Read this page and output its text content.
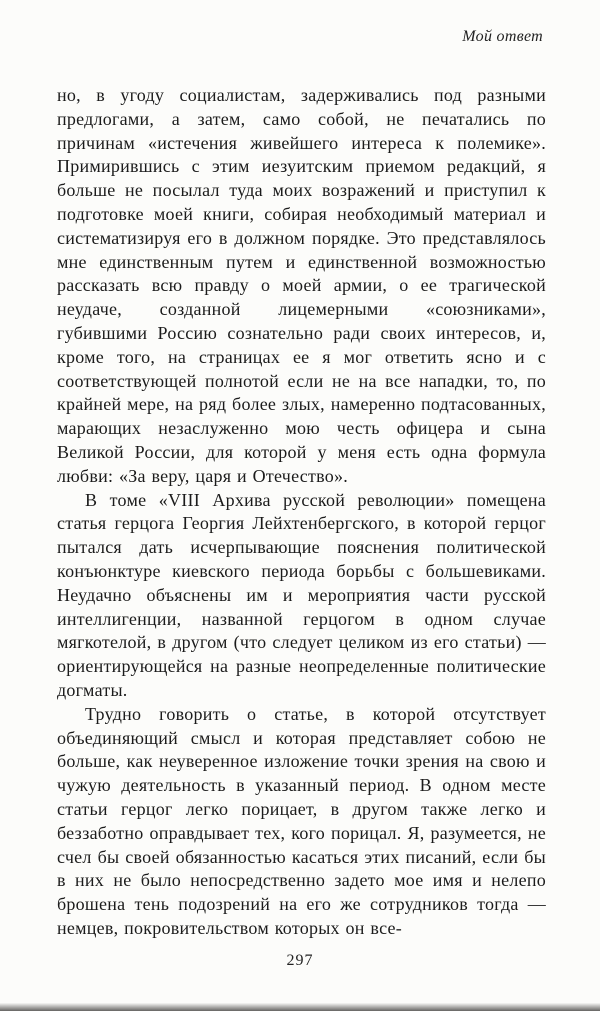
Мой ответ

но, в угоду социалистам, задерживались под разными предлогами, а затем, само собой, не печатались по причинам «истечения живейшего интереса к полемике». Примирившись с этим иезуитским приемом редакций, я больше не посылал туда моих возражений и приступил к подготовке моей книги, собирая необходимый материал и систематизируя его в должном порядке. Это представлялось мне единственным путем и единственной возможностью рассказать всю правду о моей армии, о ее трагической неудаче, созданной лицемерными «союзниками», губившими Россию сознательно ради своих интересов, и, кроме того, на страницах ее я мог ответить ясно и с соответствующей полнотой если не на все нападки, то, по крайней мере, на ряд более злых, намеренно подтасованных, марающих незаслуженно мою честь офицера и сына Великой России, для которой у меня есть одна формула любви: «За веру, царя и Отечество».

В томе «VIII Архива русской революции» помещена статья герцога Георгия Лейхтенбергского, в которой герцог пытался дать исчерпывающие пояснения политической конъюнктуре киевского периода борьбы с большевиками. Неудачно объяснены им и мероприятия части русской интеллигенции, названной герцогом в одном случае мягкотелой, в другом (что следует целиком из его статьи) — ориентирующейся на разные неопределенные политические догматы.

Трудно говорить о статье, в которой отсутствует объединяющий смысл и которая представляет собою не больше, как неуверенное изложение точки зрения на свою и чужую деятельность в указанный период. В одном месте статьи герцог легко порицает, в другом также легко и беззаботно оправдывает тех, кого порицал. Я, разумеется, не счел бы своей обязанностью касаться этих писаний, если бы в них не было непосредственно задето мое имя и нелепо брошена тень подозрений на его же сотрудников тогда — немцев, покровительством которых он все-

297
